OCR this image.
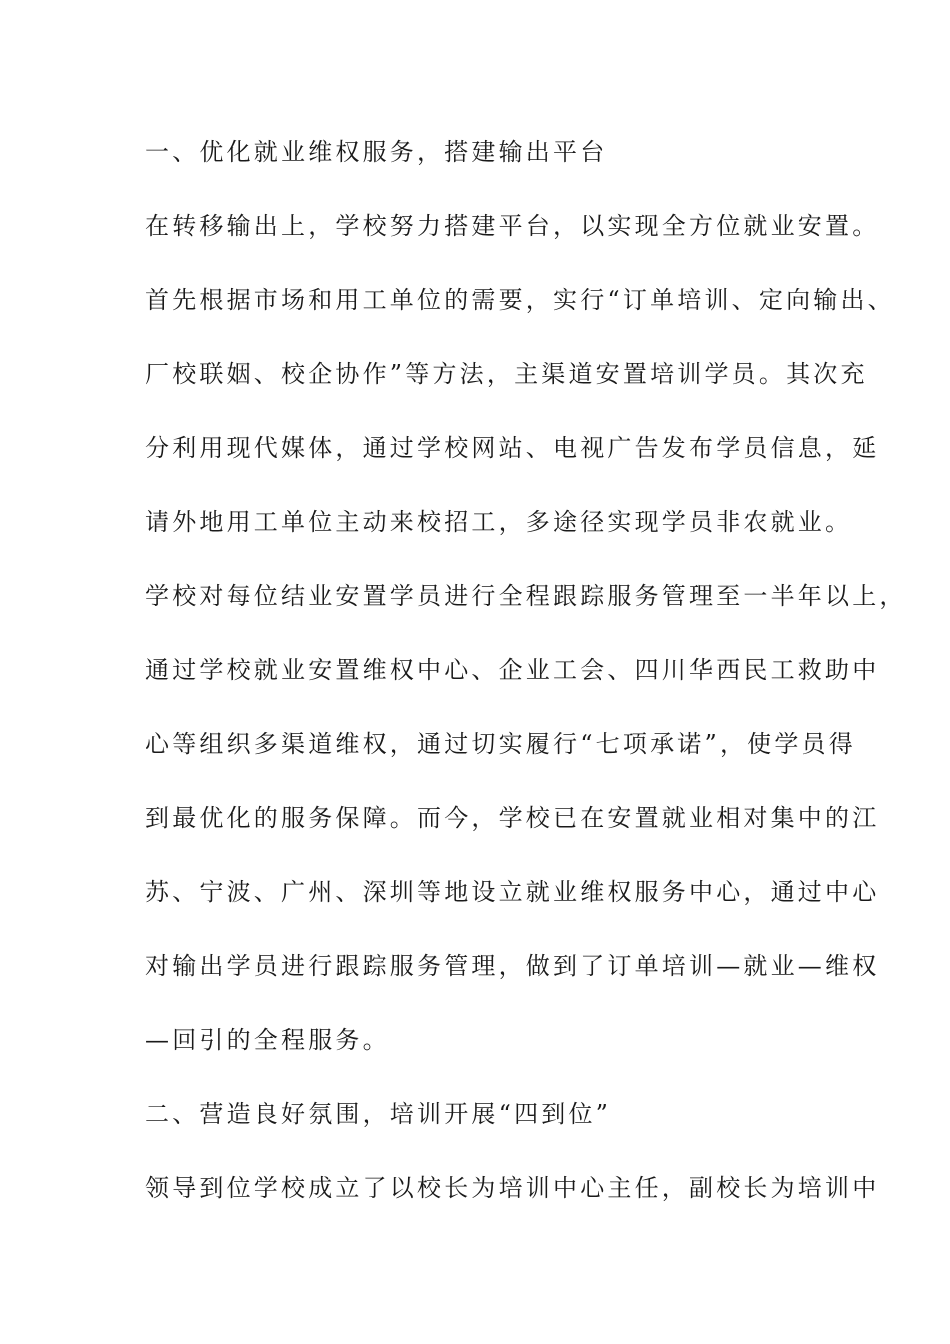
一、优化就业维权服务，搭建输出平台
在转移输出上，学校努力搭建平台，以实现全方位就业安置。
首先根据市场和用工单位的需要，实行“订单培训、定向输出、
厂校联姻、校企协作”等方法，主渠道安置培训学员。其次充
分利用现代媒体，通过学校网站、电视广告发布学员信息，延
请外地用工单位主动来校招工，多途径实现学员非农就业。
学校对每位结业安置学员进行全程跟踪服务管理至一半年以上，
通过学校就业安置维权中心、企业工会、四川华西民工救助中
心等组织多渠道维权，通过切实履行“七项承诺”，使学员得
到最优化的服务保障。而今，学校已在安置就业相对集中的江
苏、宁波、广州、深圳等地设立就业维权服务中心，通过中心
对输出学员进行跟踪服务管理，做到了订单培训—就业—维权
—回引的全程服务。
二、营造良好氛围，培训开展“四到位”
领导到位学校成立了以校长为培训中心主任，副校长为培训中
